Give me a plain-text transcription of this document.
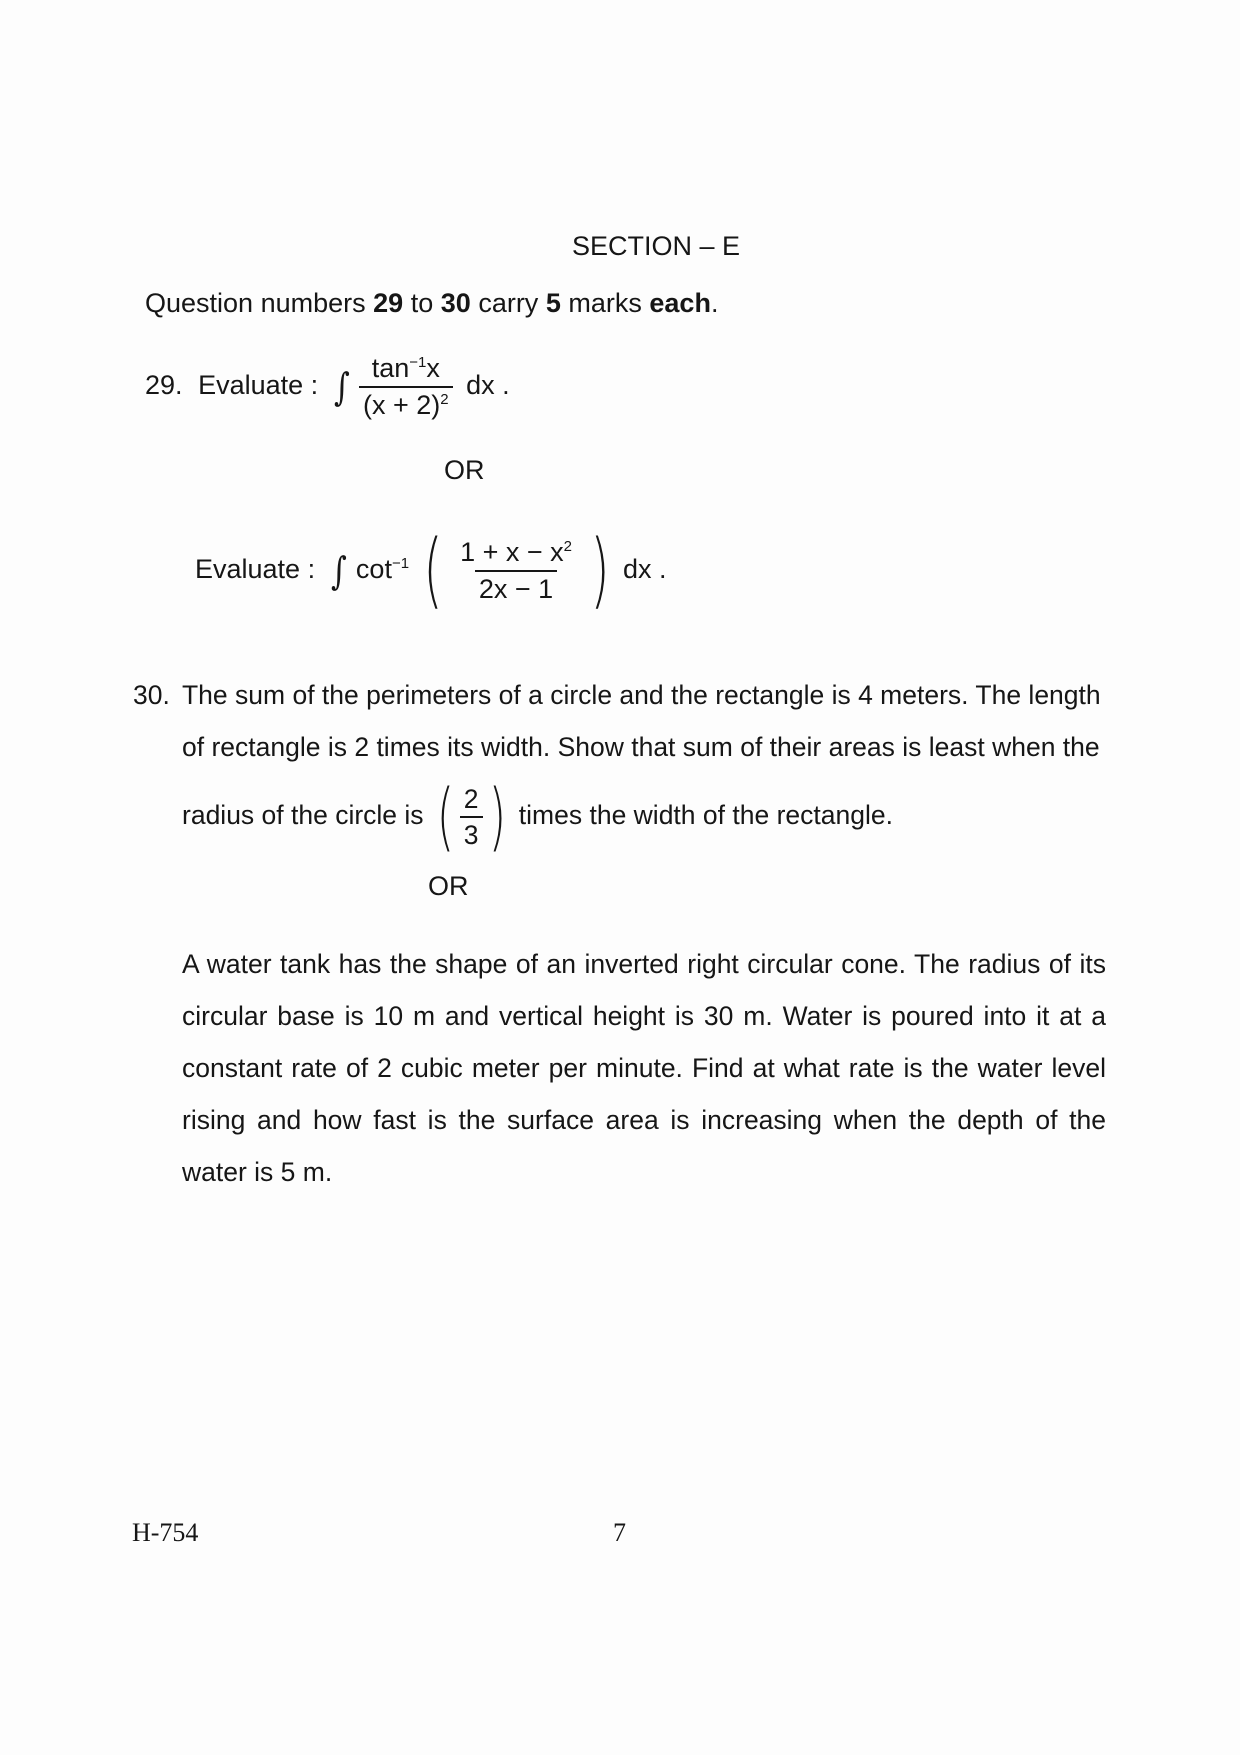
SECTION – E
Question numbers 29 to 30 carry 5 marks each.
29. Evaluate : ∫ $\frac{\tan^{-1}x}{(x + 2)^2}$ dx .
OR
Evaluate : ∫ $\cot^{-1}$ ( $\frac{1 + x - x^2}{2x - 1}$ ) dx .
30. The sum of the perimeters of a circle and the rectangle is 4 meters. The length
of rectangle is 2 times its width. Show that sum of their areas is least when the
radius of the circle is ( $\frac{2}{3}$ ) times the width of the rectangle.
OR
A water tank has the shape of an inverted right circular cone. The radius of its circular base is 10 m and vertical height is 30 m. Water is poured into it at a constant rate of 2 cubic meter per minute. Find at what rate is the water level rising and how fast is the surface area is increasing when the depth of the water is 5 m.
H-754	7
